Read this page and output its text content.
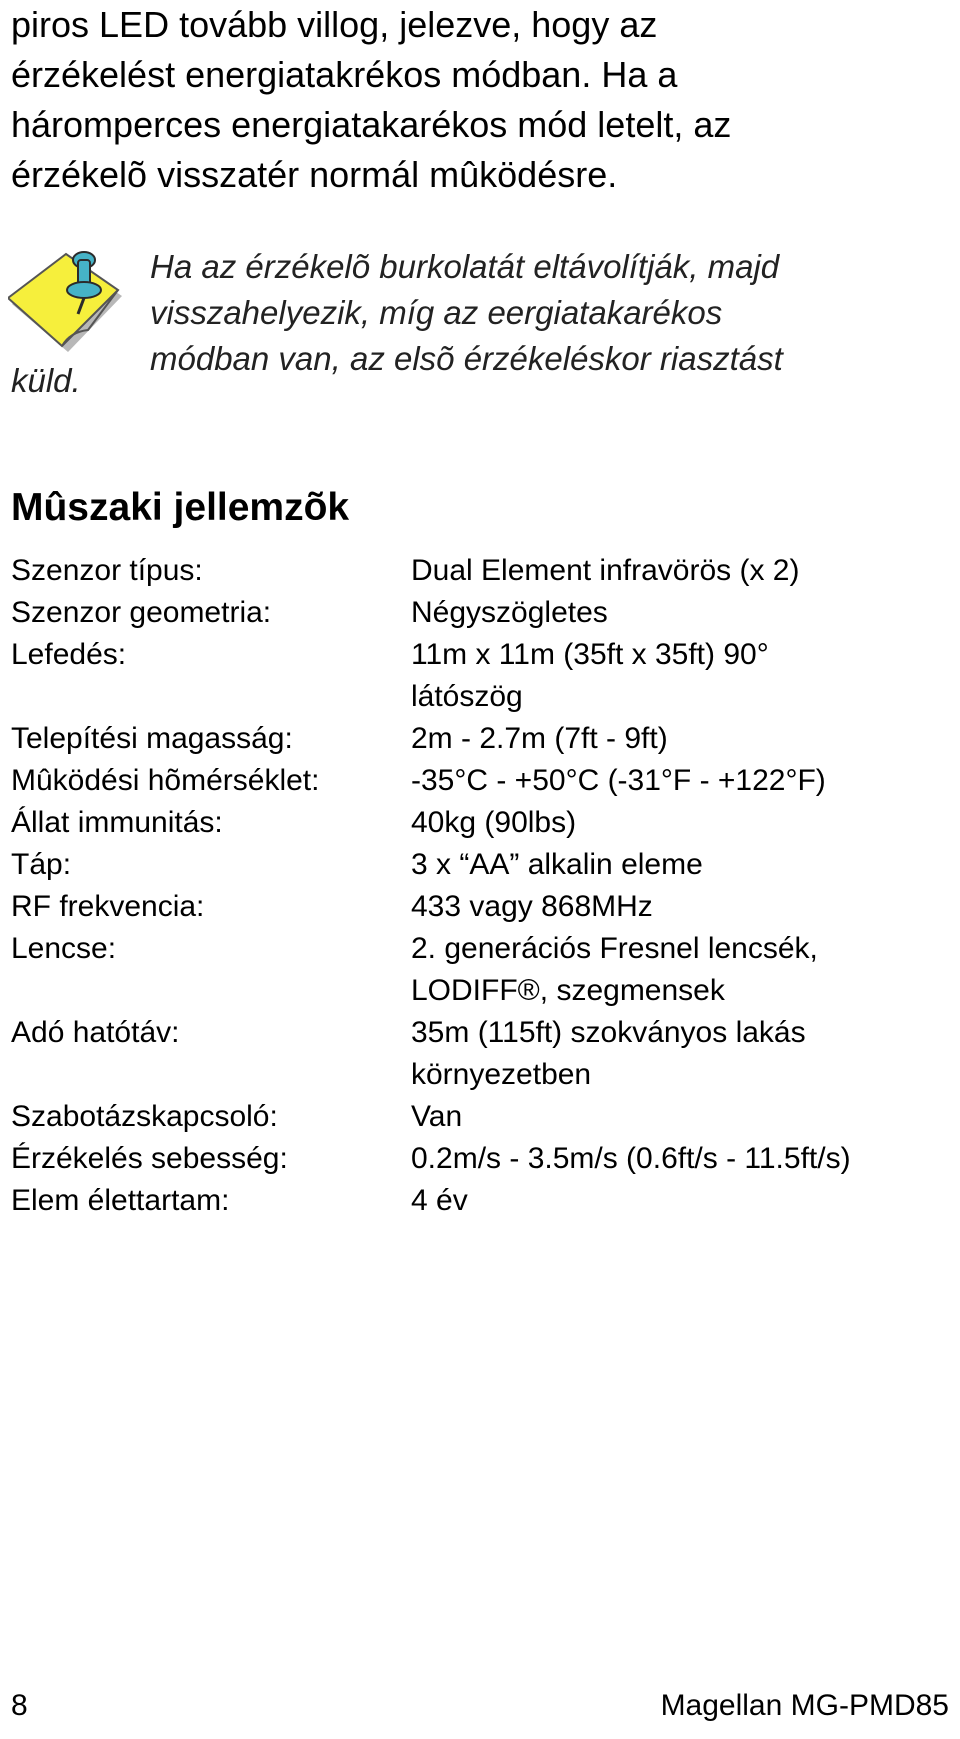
piros LED tovább villog, jelezve, hogy az
érzékelést energiatakrékos módban. Ha a
háromperces energiatakarékos mód letelt, az
érzékelõ visszatér normál mûködésre.
Ha az érzékelõ burkolatát eltávolítják, majd
visszahelyezik, míg az eergiatakarékos
módban van, az elsõ érzékeléskor riasztást
küld.
Mûszaki jellemzõk
Szenzor típus:	Dual Element infravörös (x 2)
Szenzor geometria:	Négyszögletes
Lefedés:	11m x 11m (35ft x 35ft) 90°
	látószög
Telepítési magasság:	2m - 2.7m (7ft - 9ft)
Mûködési hõmérséklet:	-35°C - +50°C (-31°F - +122°F)
Állat immunitás:	40kg (90lbs)
Táp:	3 x “AA” alkalin eleme
RF frekvencia:	433 vagy 868MHz
Lencse:	2. generációs Fresnel lencsék,
	LODIFF®, szegmensek
Adó hatótáv:	35m (115ft) szokványos lakás
	környezetben
Szabotázskapcsoló:	Van
Érzékelés sebesség:	0.2m/s - 3.5m/s (0.6ft/s - 11.5ft/s)
Elem élettartam:	4 év
8	Magellan MG-PMD85
